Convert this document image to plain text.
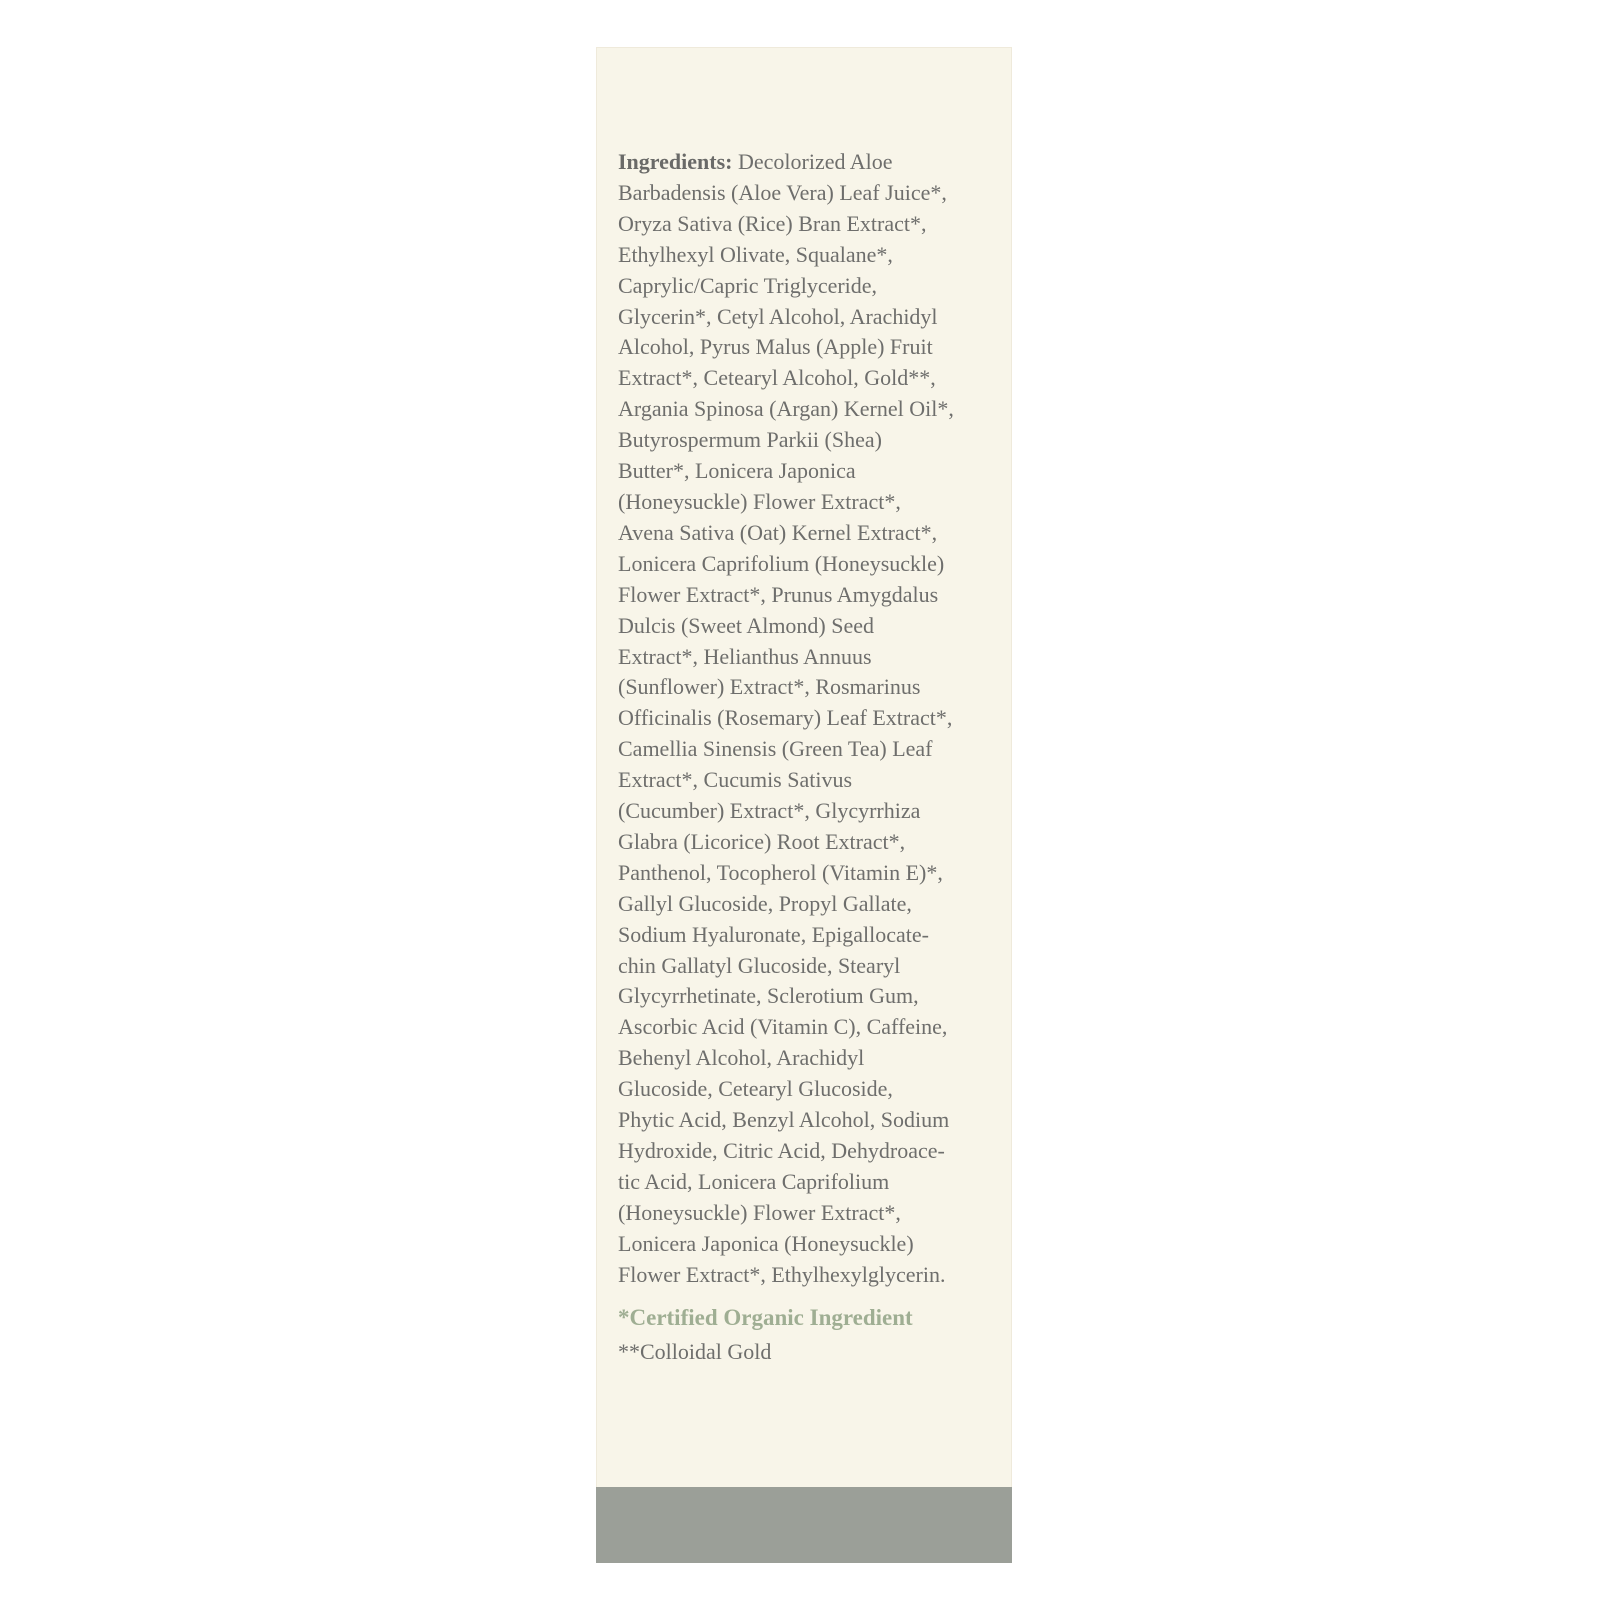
Ingredients: Decolorized Aloe
Barbadensis (Aloe Vera) Leaf Juice*,
Oryza Sativa (Rice) Bran Extract*,
Ethylhexyl Olivate, Squalane*,
Caprylic/Capric Triglyceride,
Glycerin*, Cetyl Alcohol, Arachidyl
Alcohol, Pyrus Malus (Apple) Fruit
Extract*, Cetearyl Alcohol, Gold**,
Argania Spinosa (Argan) Kernel Oil*,
Butyrospermum Parkii (Shea)
Butter*, Lonicera Japonica
(Honeysuckle) Flower Extract*,
Avena Sativa (Oat) Kernel Extract*,
Lonicera Caprifolium (Honeysuckle)
Flower Extract*, Prunus Amygdalus
Dulcis (Sweet Almond) Seed
Extract*, Helianthus Annuus
(Sunflower) Extract*, Rosmarinus
Officinalis (Rosemary) Leaf Extract*,
Camellia Sinensis (Green Tea) Leaf
Extract*, Cucumis Sativus
(Cucumber) Extract*, Glycyrrhiza
Glabra (Licorice) Root Extract*,
Panthenol, Tocopherol (Vitamin E)*,
Gallyl Glucoside, Propyl Gallate,
Sodium Hyaluronate, Epigallocate-
chin Gallatyl Glucoside, Stearyl
Glycyrrhetinate, Sclerotium Gum,
Ascorbic Acid (Vitamin C), Caffeine,
Behenyl Alcohol, Arachidyl
Glucoside, Cetearyl Glucoside,
Phytic Acid, Benzyl Alcohol, Sodium
Hydroxide, Citric Acid, Dehydroace-
tic Acid, Lonicera Caprifolium
(Honeysuckle) Flower Extract*,
Lonicera Japonica (Honeysuckle)
Flower Extract*, Ethylhexylglycerin.
*Certified Organic Ingredient
**Colloidal Gold
